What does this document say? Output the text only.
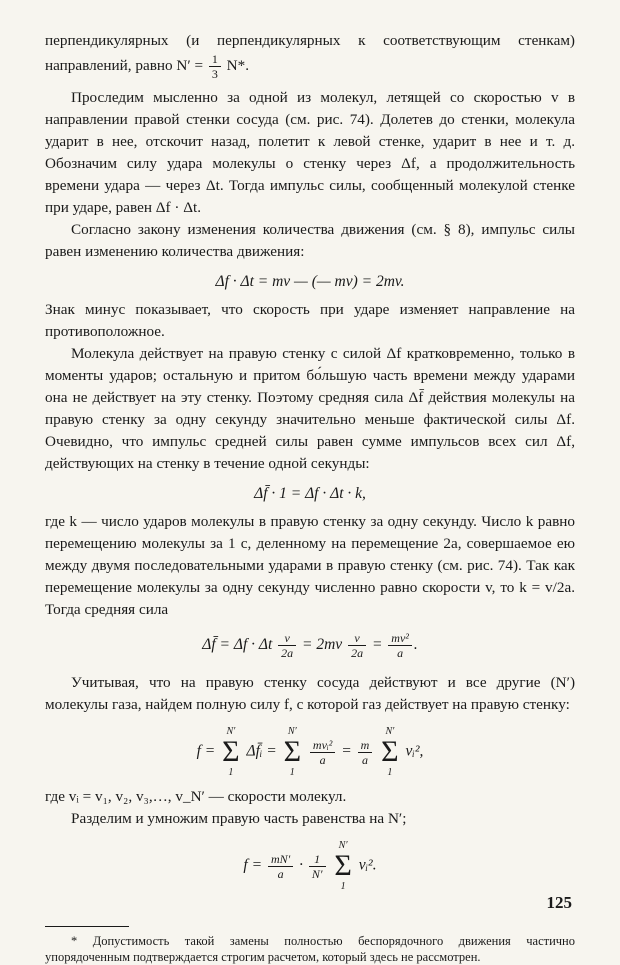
перпендикулярных (и перпендикулярных к соответствующим стенкам) направлений, равно $N' = \frac{1}{3} N*$.

Проследим мысленно за одной из молекул, летящей со скоростью v в направлении правой стенки сосуда (см. рис. 74). Долетев до стенки, молекула ударит в нее, отскочит назад, полетит к левой стенке, ударит в нее и т. д. Обозначим силу удара молекулы о стенку через Δf, а продолжительность времени удара — через Δt. Тогда импульс силы, сообщенный молекулой стенке при ударе, равен Δf · Δt.

Согласно закону изменения количества движения (см. § 8), импульс силы равен изменению количества движения:

Δf · Δt = mv — (— mv) = 2mv.

Знак минус показывает, что скорость при ударе изменяет направление на противоположное.

Молекула действует на правую стенку с силой Δf кратковременно, только в моменты ударов; остальную и притом бо́льшую часть времени между ударами она не действует на эту стенку. Поэтому средняя сила Δf̄ действия молекулы на правую стенку за одну секунду значительно меньше фактической силы Δf. Очевидно, что импульс средней силы равен сумме импульсов всех сил Δf, действующих на стенку в течение одной секунды:

Δf̄ · 1 = Δf · Δt · k,

где k — число ударов молекулы в правую стенку за одну секунду. Число k равно перемещению молекулы за 1 с, деленному на перемещение 2a, совершаемое ею между двумя последовательными ударами в правую стенку (см. рис. 74). Так как перемещение молекулы за одну секунду численно равно скорости v, то k = v/2a. Тогда средняя сила

Δf̄ = Δf · Δt $\frac{v}{2a} = 2mv \frac{v}{2a} = \frac{\text{mv²}}{a}$ .

Учитывая, что на правую стенку сосуда действуют и все другие (N′) молекулы газа, найдем полную силу f, с которой газ действует на правую стенку:

f =
N′
Σ
1
Δf̄ᵢ =
N′
Σ
1

$\frac{\text{mvᵢ²}}{a} = \frac{m}{a}$

N′
Σ
1
vᵢ²,

где vᵢ = v₁, v₂, v₃,…, v_N′ — скорости молекул.

Разделим и умножим правую часть равенства на N′;

$f = \frac{mN'}{a} \cdot \frac{1}{N'}$

N′
Σ
1
vᵢ².

* Допустимость такой замены полностью беспорядочного движения частично упорядоченным подтверждается строгим расчетом, который здесь не рассмотрен.

125
